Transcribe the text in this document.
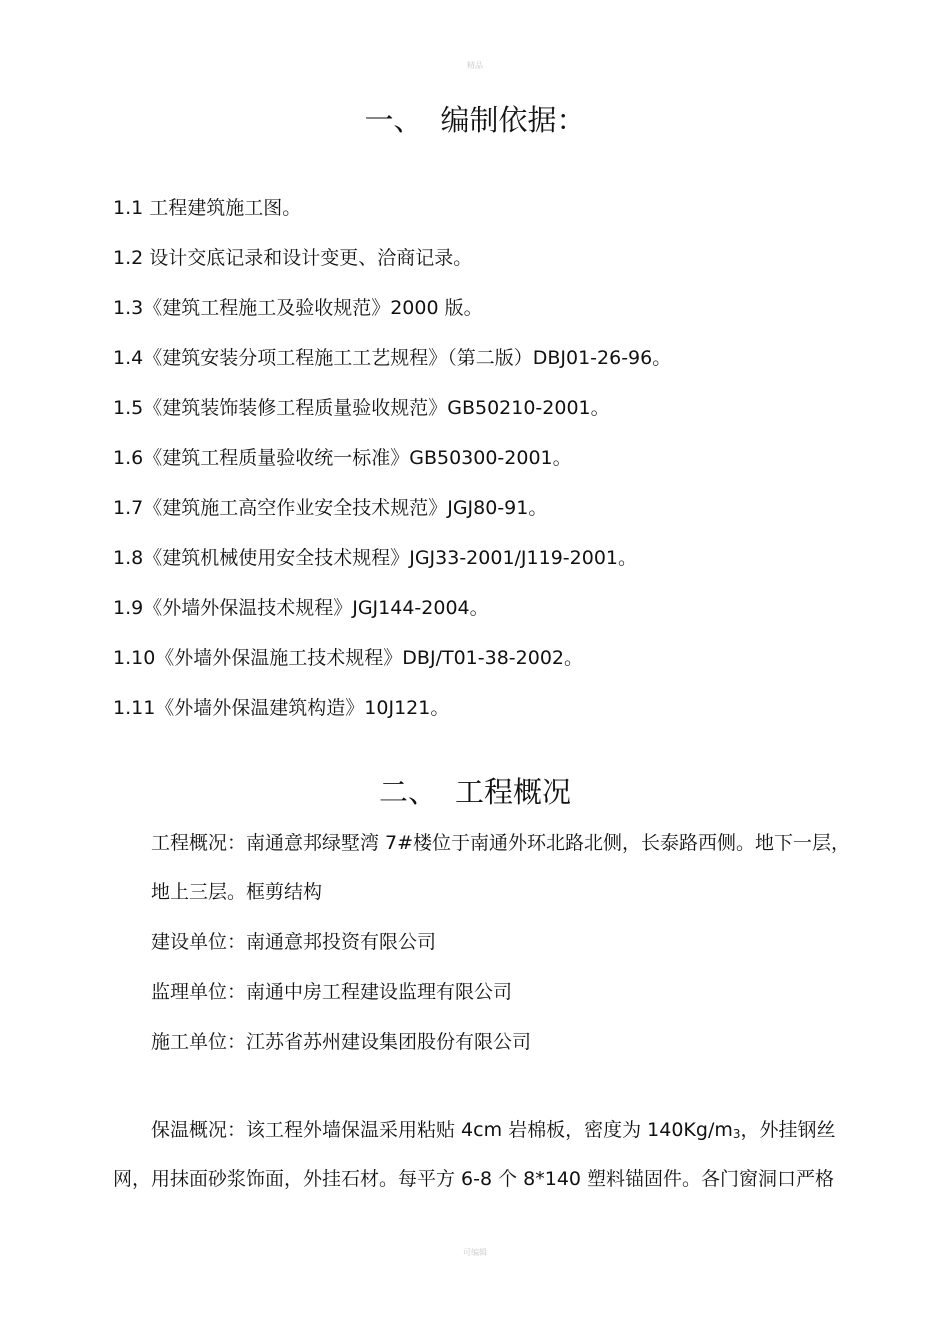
精品
一、 编制依据：
1.1 工程建筑施工图。
1.2 设计交底记录和设计变更、洽商记录。
1.3《建筑工程施工及验收规范》2000 版。
1.4《建筑安装分项工程施工工艺规程》（第二版）DBJ01-26-96。
1.5《建筑装饰装修工程质量验收规范》GB50210-2001。
1.6《建筑工程质量验收统一标准》GB50300-2001。
1.7《建筑施工高空作业安全技术规范》JGJ80-91。
1.8《建筑机械使用安全技术规程》JGJ33-2001/J119-2001。
1.9《外墙外保温技术规程》JGJ144-2004。
1.10《外墙外保温施工技术规程》DBJ/T01-38-2002。
1.11《外墙外保温建筑构造》10J121。
二、 工程概况

工程概况：南通意邦绿墅湾 7#楼位于南通外环北路北侧，长泰路西侧。地下一层，

地上三层。框剪结构

建设单位：南通意邦投资有限公司

监理单位：南通中房工程建设监理有限公司

施工单位：江苏省苏州建设集团股份有限公司

保温概况：该工程外墙保温采用粘贴 4cm 岩棉板，密度为 $140Kg/m_3$，外挂钢丝

网，用抹面砂浆饰面，外挂石材。每平方 6-8 个 8*140 塑料锚固件。各门窗洞口严格

可编辑
